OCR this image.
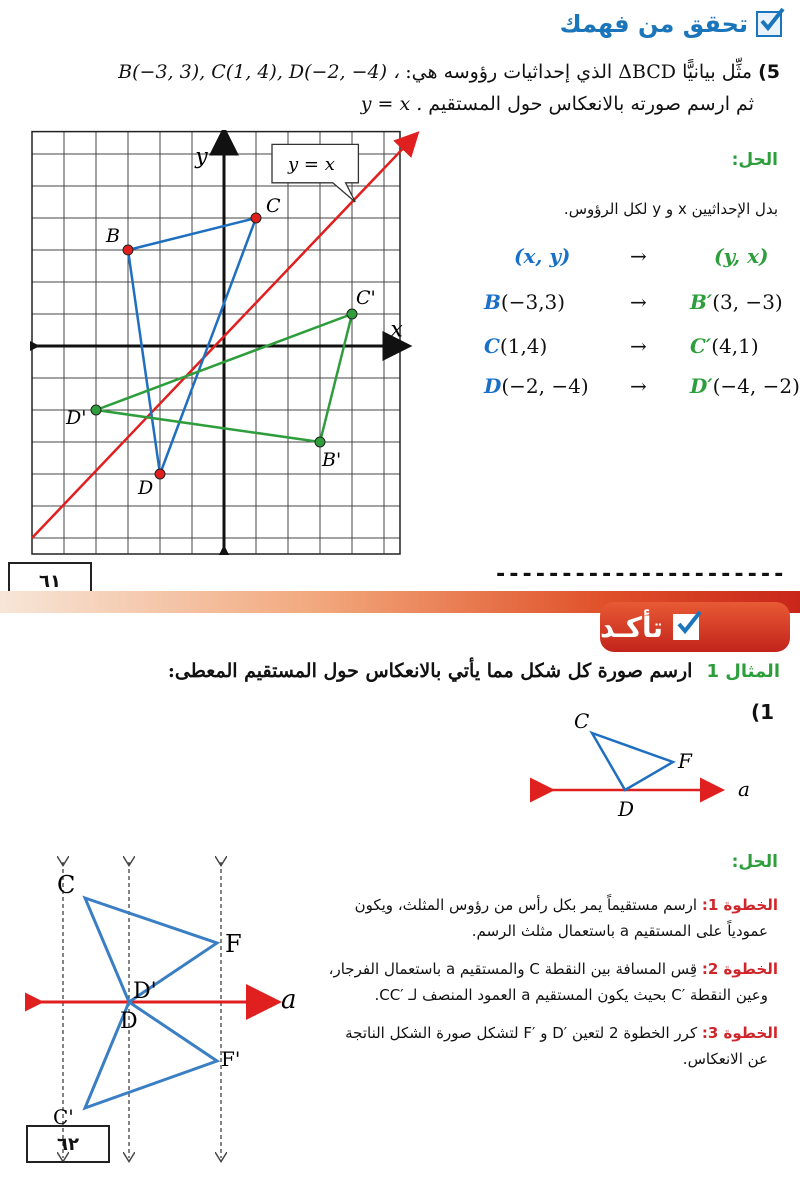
تحقق من فهمك
5) مثِّل بيانيًّا ΔBCD الذي إحداثيات رؤوسه هي: B(−3, 3), C(1, 4), D(−2, −4) ،
ثم ارسم صورته بالانعكاس حول المستقيم y = x .
x
y	y = x
B
C
D
B'
C'
D'
الحل:
بدل الإحداثيين x و y لكل الرؤوس.
(x, y)	→	(y, x)
B(−3,3)	→ B′(3, −3)
C(1,4)	→ C′(4,1)
D(−2, −4) → D′(−4, −2)
٦١	----------------------
تأكـد
المثال 1
ارسم صورة كل شكل مما يأتي بالانعكاس حول المستقيم المعطى:
(1
C
F
D
a
C
F
D'
D
a
F'
C'
الحل:
الخطوة 1: ارسم مستقيماً يمر بكل رأس من رؤوس المثلث، ويكون
عمودياً على المستقيم a باستعمال مثلث الرسم.
الخطوة 2: قِس المسافة بين النقطة C والمستقيم a باستعمال الفرجار،
وعين النقطة ′C بحيث يكون المستقيم a العمود المنصف لـ ′CC.
الخطوة 3: كرر الخطوة 2 لتعين ′D و ′F لتشكل صورة الشكل الناتجة
عن الانعكاس.
٦٢
